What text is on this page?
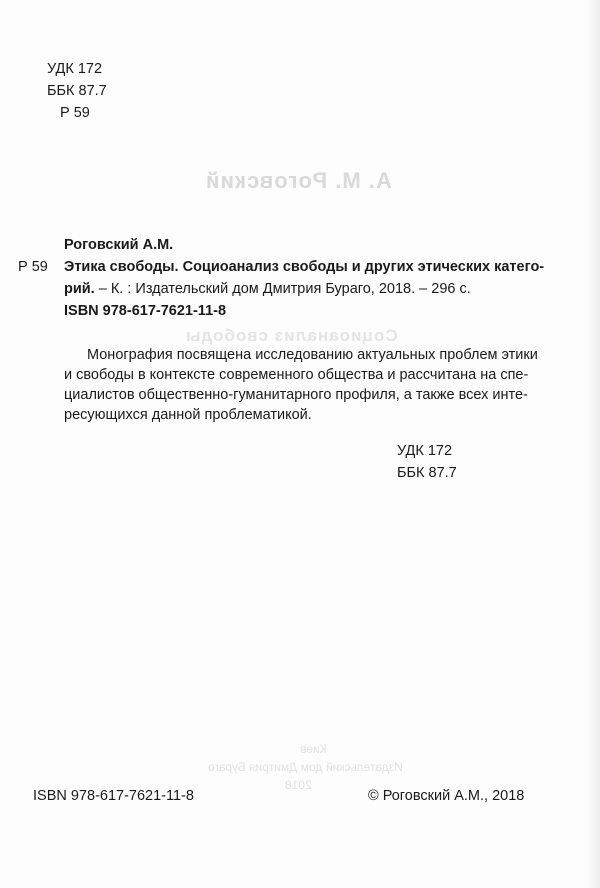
УДК 172
ББК 87.7
Р 59
А. М. Роговский
Социоанализ свободы
Киев
Издательский дом Дмитрия Бураго
2018
Р 59
Роговский А.М.
Этика свободы. Социоанализ свободы и других этических катего-
рий. – К. : Издательский дом Дмитрия Бураго, 2018. – 296 с.
ISBN 978-617-7621-11-8
Монография посвящена исследованию актуальных проблем этики
и свободы в контексте современного общества и рассчитана на спе-
циалистов общественно-гуманитарного профиля, а также всех инте-
ресующихся данной проблематикой.
УДК 172
ББК 87.7
ISBN 978-617-7621-11-8	© Роговский А.М., 2018
